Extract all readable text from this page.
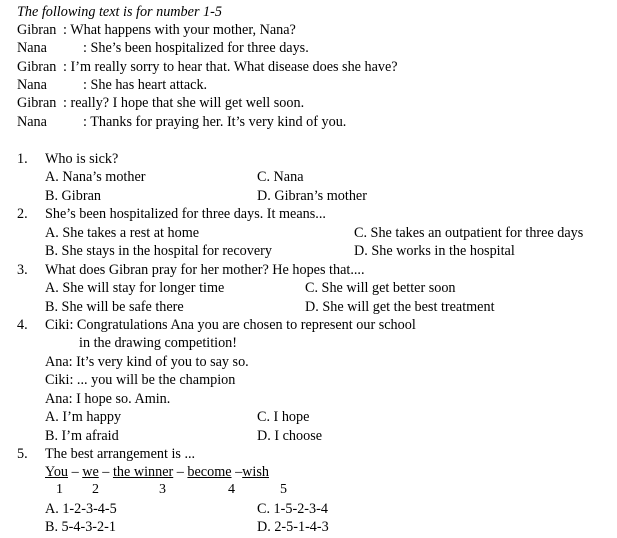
The following text is for number 1-5
Gibran : What happens with your mother, Nana?
Nana	: She’s been hospitalized for three days.
Gibran : I’m really sorry to hear that. What disease does she have?
Nana	: She has heart attack.
Gibran : really? I hope that she will get well soon.
Nana	: Thanks for praying her. It’s very kind of you.
1. Who is sick?
A. Nana’s mother	C. Nana
B. Gibran	D. Gibran’s mother
2. She’s been hospitalized for three days. It means...
A. She takes a rest at home	C. She takes an outpatient for three days
B. She stays in the hospital for recovery	D. She works in the hospital
3. What does Gibran pray for her mother? He hopes that....
A. She will stay for longer time	C. She will get better soon
B. She will be safe there	D. She will get the best treatment
4. Ciki: Congratulations Ana you are chosen to represent our school
in the drawing competition!
Ana: It’s very kind of you to say so.
Ciki: ... you will be the champion
Ana: I hope so. Amin.
A. I’m happy	C. I hope
B. I’m afraid	D. I choose
5. The best arrangement is ...
You – we – the winner – become –wish
1 2	3	4	5
A. 1-2-3-4-5	C. 1-5-2-3-4
B. 5-4-3-2-1	D. 2-5-1-4-3
